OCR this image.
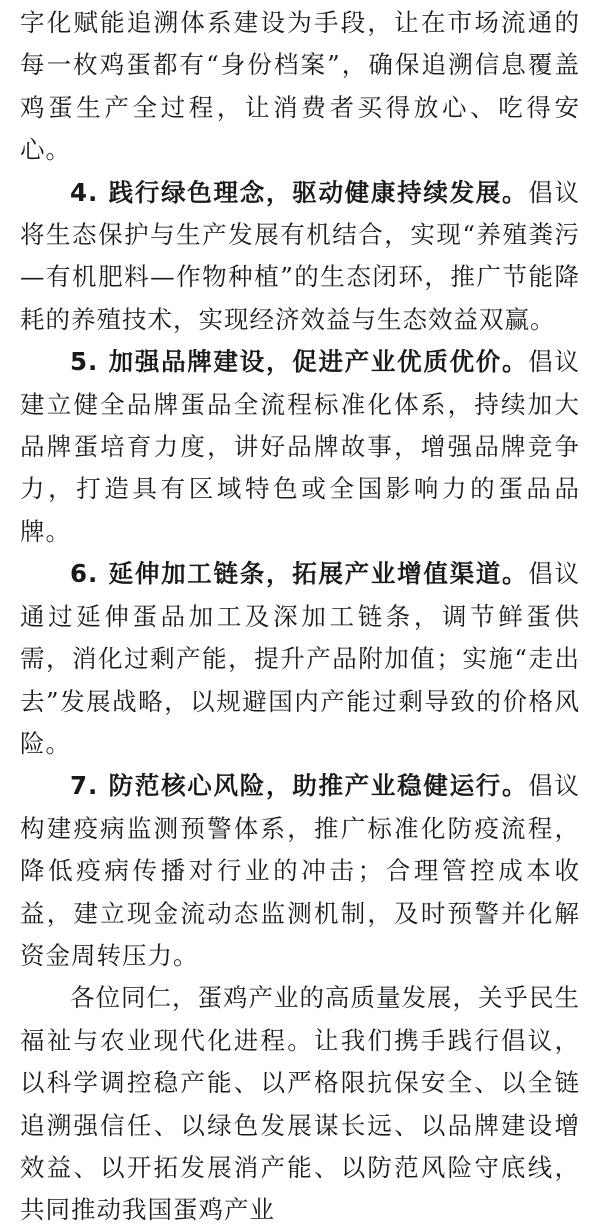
字化赋能追溯体系建设为手段，让在市场流通的每一枚鸡蛋都有“身份档案”，确保追溯信息覆盖鸡蛋生产全过程，让消费者买得放心、吃得安心。

4. 践行绿色理念，驱动健康持续发展。倡议将生态保护与生产发展有机结合，实现“养殖粪污—有机肥料—作物种植”的生态闭环，推广节能降耗的养殖技术，实现经济效益与生态效益双赢。

5. 加强品牌建设，促进产业优质优价。倡议建立健全品牌蛋品全流程标准化体系，持续加大品牌蛋培育力度，讲好品牌故事，增强品牌竞争力，打造具有区域特色或全国影响力的蛋品品牌。

6. 延伸加工链条，拓展产业增值渠道。倡议通过延伸蛋品加工及深加工链条，调节鲜蛋供需，消化过剩产能，提升产品附加值；实施“走出去”发展战略，以规避国内产能过剩导致的价格风险。

7. 防范核心风险，助推产业稳健运行。倡议构建疫病监测预警体系，推广标准化防疫流程，降低疫病传播对行业的冲击；合理管控成本收益，建立现金流动态监测机制，及时预警并化解资金周转压力。

各位同仁，蛋鸡产业的高质量发展，关乎民生福祉与农业现代化进程。让我们携手践行倡议，以科学调控稳产能、以严格限抗保安全、以全链追溯强信任、以绿色发展谋长远、以品牌建设增效益、以开拓发展消产能、以防范风险守底线，共同推动我国蛋鸡产业
